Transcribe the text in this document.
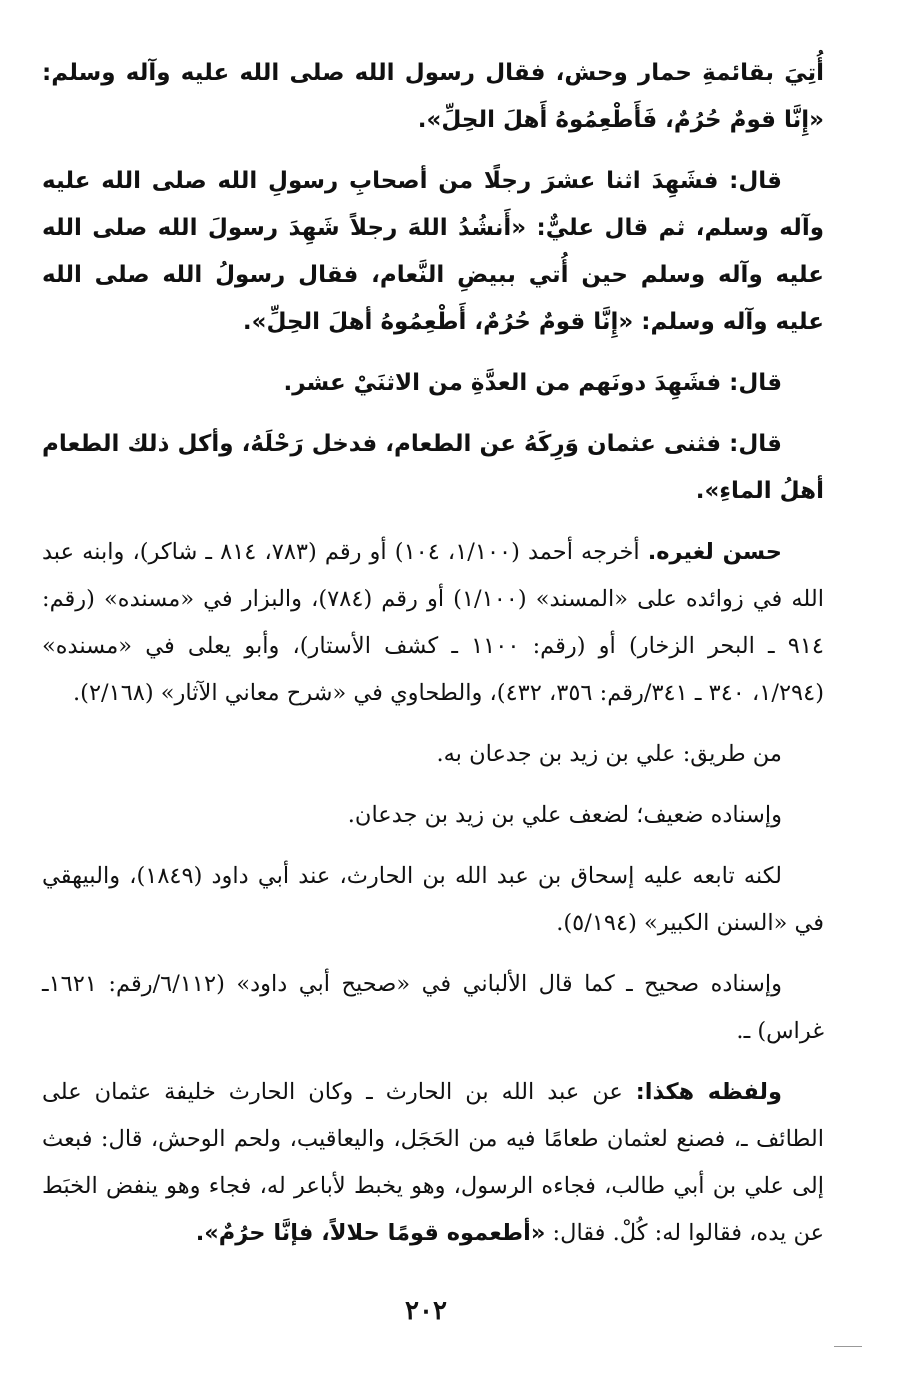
أُتِيَ بقائمةِ حمار وحش، فقال رسول الله صلى الله عليه وآله وسلم: «إِنَّا قومٌ حُرُمٌ، فَأَطْعِمُوهُ أَهلَ الحِلِّ».

قال: فشَهِدَ اثنا عشرَ رجلًا من أصحابِ رسولِ الله صلى الله عليه وآله وسلم، ثم قال عليٌّ: «أَنشُدُ اللهَ رجلاً شَهِدَ رسولَ الله صلى الله عليه وآله وسلم حين أُتي ببيضِ النَّعام، فقال رسولُ الله صلى الله عليه وآله وسلم: «إِنَّا قومٌ حُرُمٌ، أَطْعِمُوهُ أهلَ الحِلِّ».

قال: فشَهِدَ دونَهم من العدَّةِ من الاثنَيْ عشر.

قال: فثنى عثمان وَرِكَهُ عن الطعام، فدخل رَحْلَهُ، وأكل ذلك الطعام أهلُ الماءِ».

حسن لغيره. أخرجه أحمد (١/١٠٠، ١٠٤) أو رقم (٧٨٣، ٨١٤ ـ شاكر)، وابنه عبد الله في زوائده على «المسند» (١/١٠٠) أو رقم (٧٨٤)، والبزار في «مسنده» (رقم: ٩١٤ ـ البحر الزخار) أو (رقم: ١١٠٠ ـ كشف الأستار)، وأبو يعلى في «مسنده» (١/٢٩٤، ٣٤٠ ـ ٣٤١/رقم: ٣٥٦، ٤٣٢)، والطحاوي في «شرح معاني الآثار» (٢/١٦٨).

من طريق: علي بن زيد بن جدعان به.

وإسناده ضعيف؛ لضعف علي بن زيد بن جدعان.

لكنه تابعه عليه إسحاق بن عبد الله بن الحارث، عند أبي داود (١٨٤٩)، والبيهقي في «السنن الكبير» (٥/١٩٤).

وإسناده صحيح ـ كما قال الألباني في «صحيح أبي داود» (٦/١١٢/رقم: ١٦٢١ـ غراس) ـ.

ولفظه هكذا: عن عبد الله بن الحارث ـ وكان الحارث خليفة عثمان على الطائف ـ، فصنع لعثمان طعامًا فيه من الحَجَل، واليعاقيب، ولحم الوحش، قال: فبعث إلى علي بن أبي طالب، فجاءه الرسول، وهو يخبط لأباعر له، فجاء وهو ينفض الخبَط عن يده، فقالوا له: كُلْ. فقال: «أطعموه قومًا حلالاً، فإنَّا حرُمٌ».

٢٠٢
